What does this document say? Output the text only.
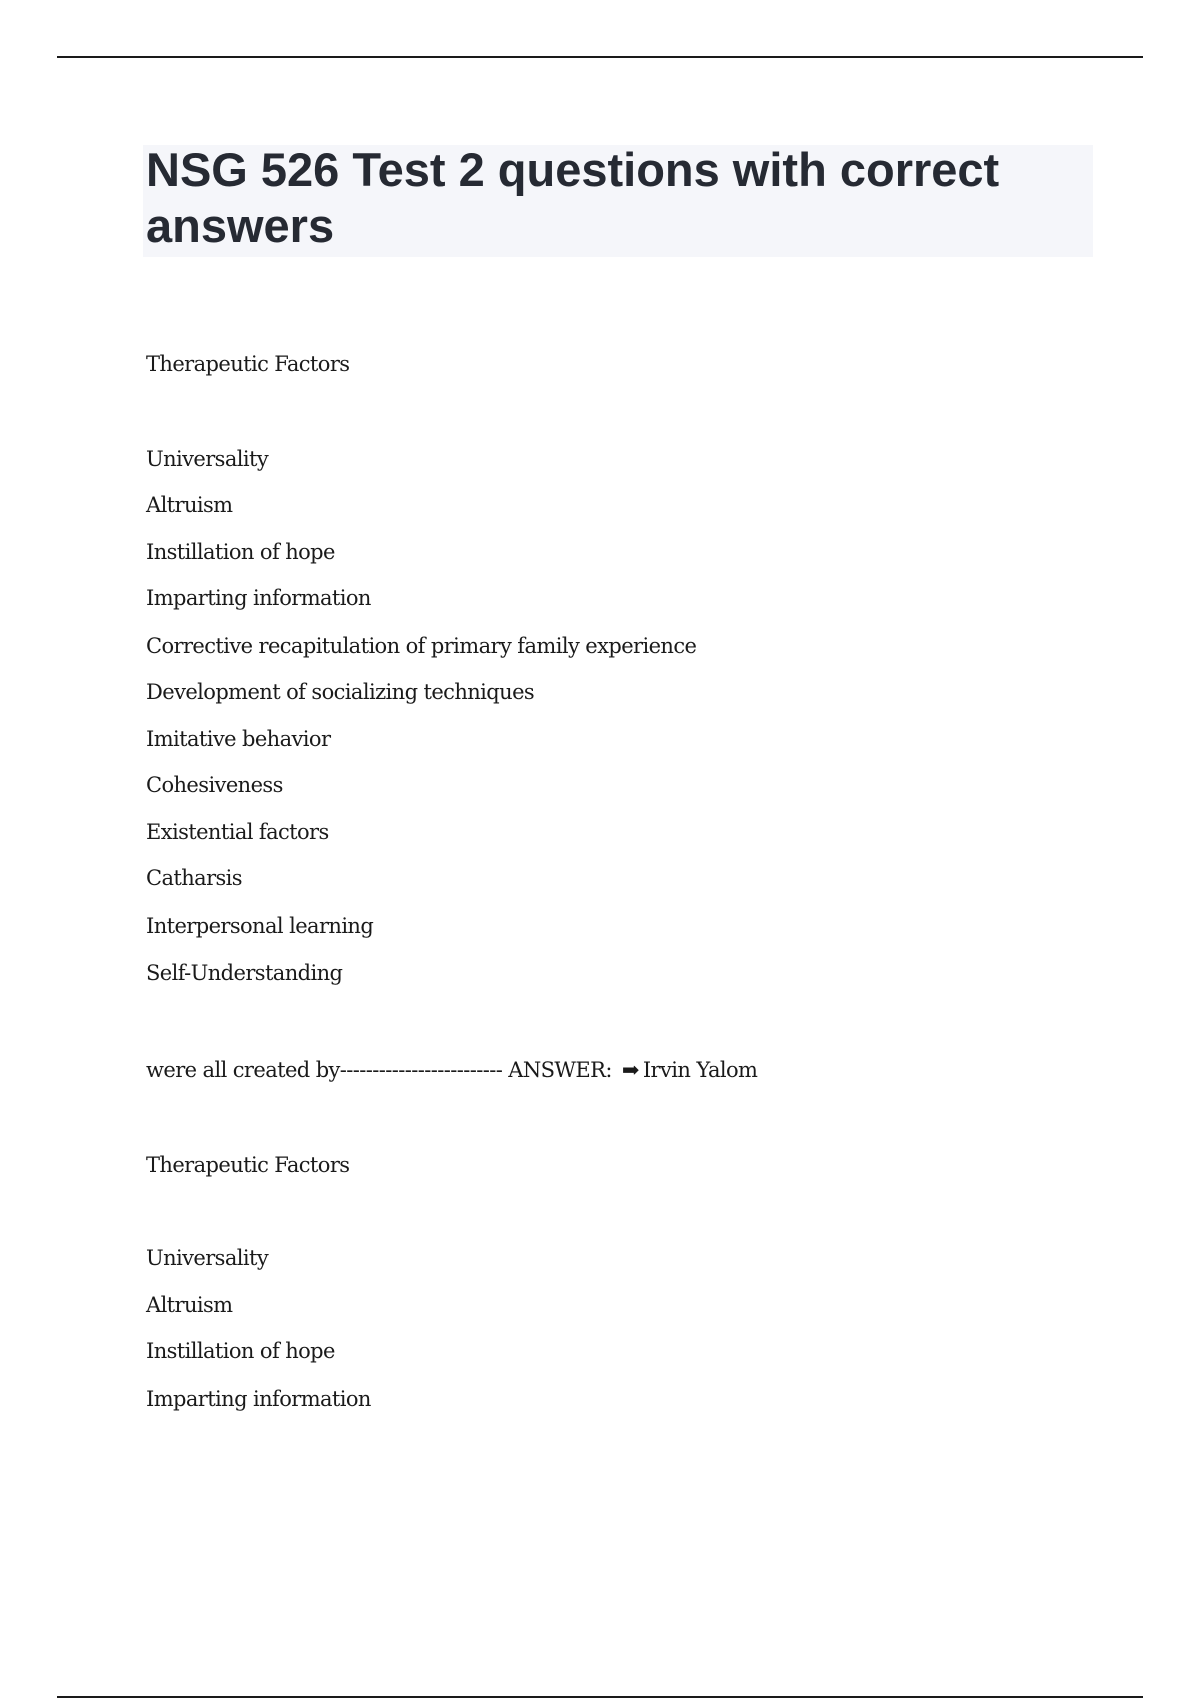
NSG 526 Test 2 questions with correct answers
Therapeutic Factors
Universality
Altruism
Instillation of hope
Imparting information
Corrective recapitulation of primary family experience
Development of socializing techniques
Imitative behavior
Cohesiveness
Existential factors
Catharsis
Interpersonal learning
Self-Understanding
were all created by------------------------- ANSWER: ➡ Irvin Yalom
Therapeutic Factors
Universality
Altruism
Instillation of hope
Imparting information
